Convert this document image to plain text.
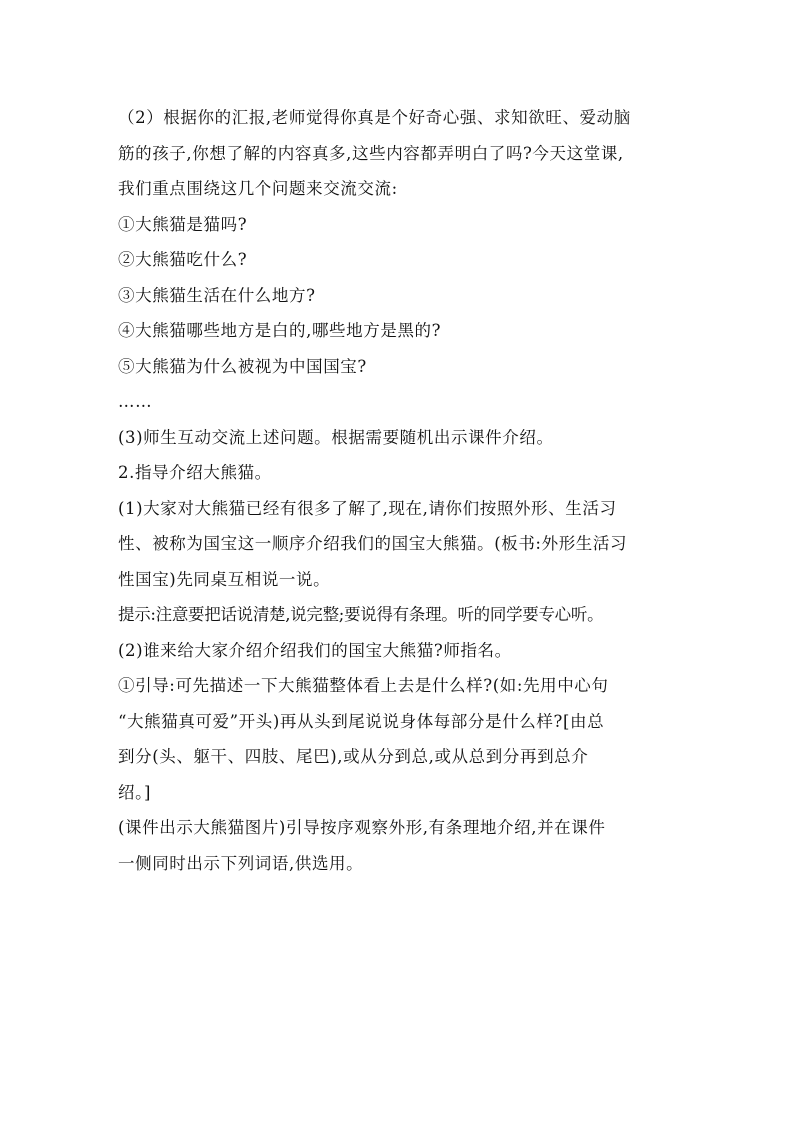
（2）根据你的汇报,老师觉得你真是个好奇心强、求知欲旺、爱动脑
筋的孩子,你想了解的内容真多,这些内容都弄明白了吗?今天这堂课,
我们重点围绕这几个问题来交流交流:
①大熊猫是猫吗?
②大熊猫吃什么?
③大熊猫生活在什么地方?
④大熊猫哪些地方是白的,哪些地方是黑的?
⑤大熊猫为什么被视为中国国宝?
……
(3)师生互动交流上述问题。根据需要随机出示课件介绍。
2.指导介绍大熊猫。
(1)大家对大熊猫已经有很多了解了,现在,请你们按照外形、生活习
性、被称为国宝这一顺序介绍我们的国宝大熊猫。(板书:外形生活习
性国宝)先同桌互相说一说。
提示:注意要把话说清楚,说完整;要说得有条理。听的同学要专心听。
(2)谁来给大家介绍介绍我们的国宝大熊猫?师指名。
①引导:可先描述一下大熊猫整体看上去是什么样?(如:先用中心句
“大熊猫真可爱”开头)再从头到尾说说身体每部分是什么样?[由总
到分(头、躯干、四肢、尾巴),或从分到总,或从总到分再到总介
绍。]
(课件出示大熊猫图片)引导按序观察外形,有条理地介绍,并在课件
一侧同时出示下列词语,供选用。
